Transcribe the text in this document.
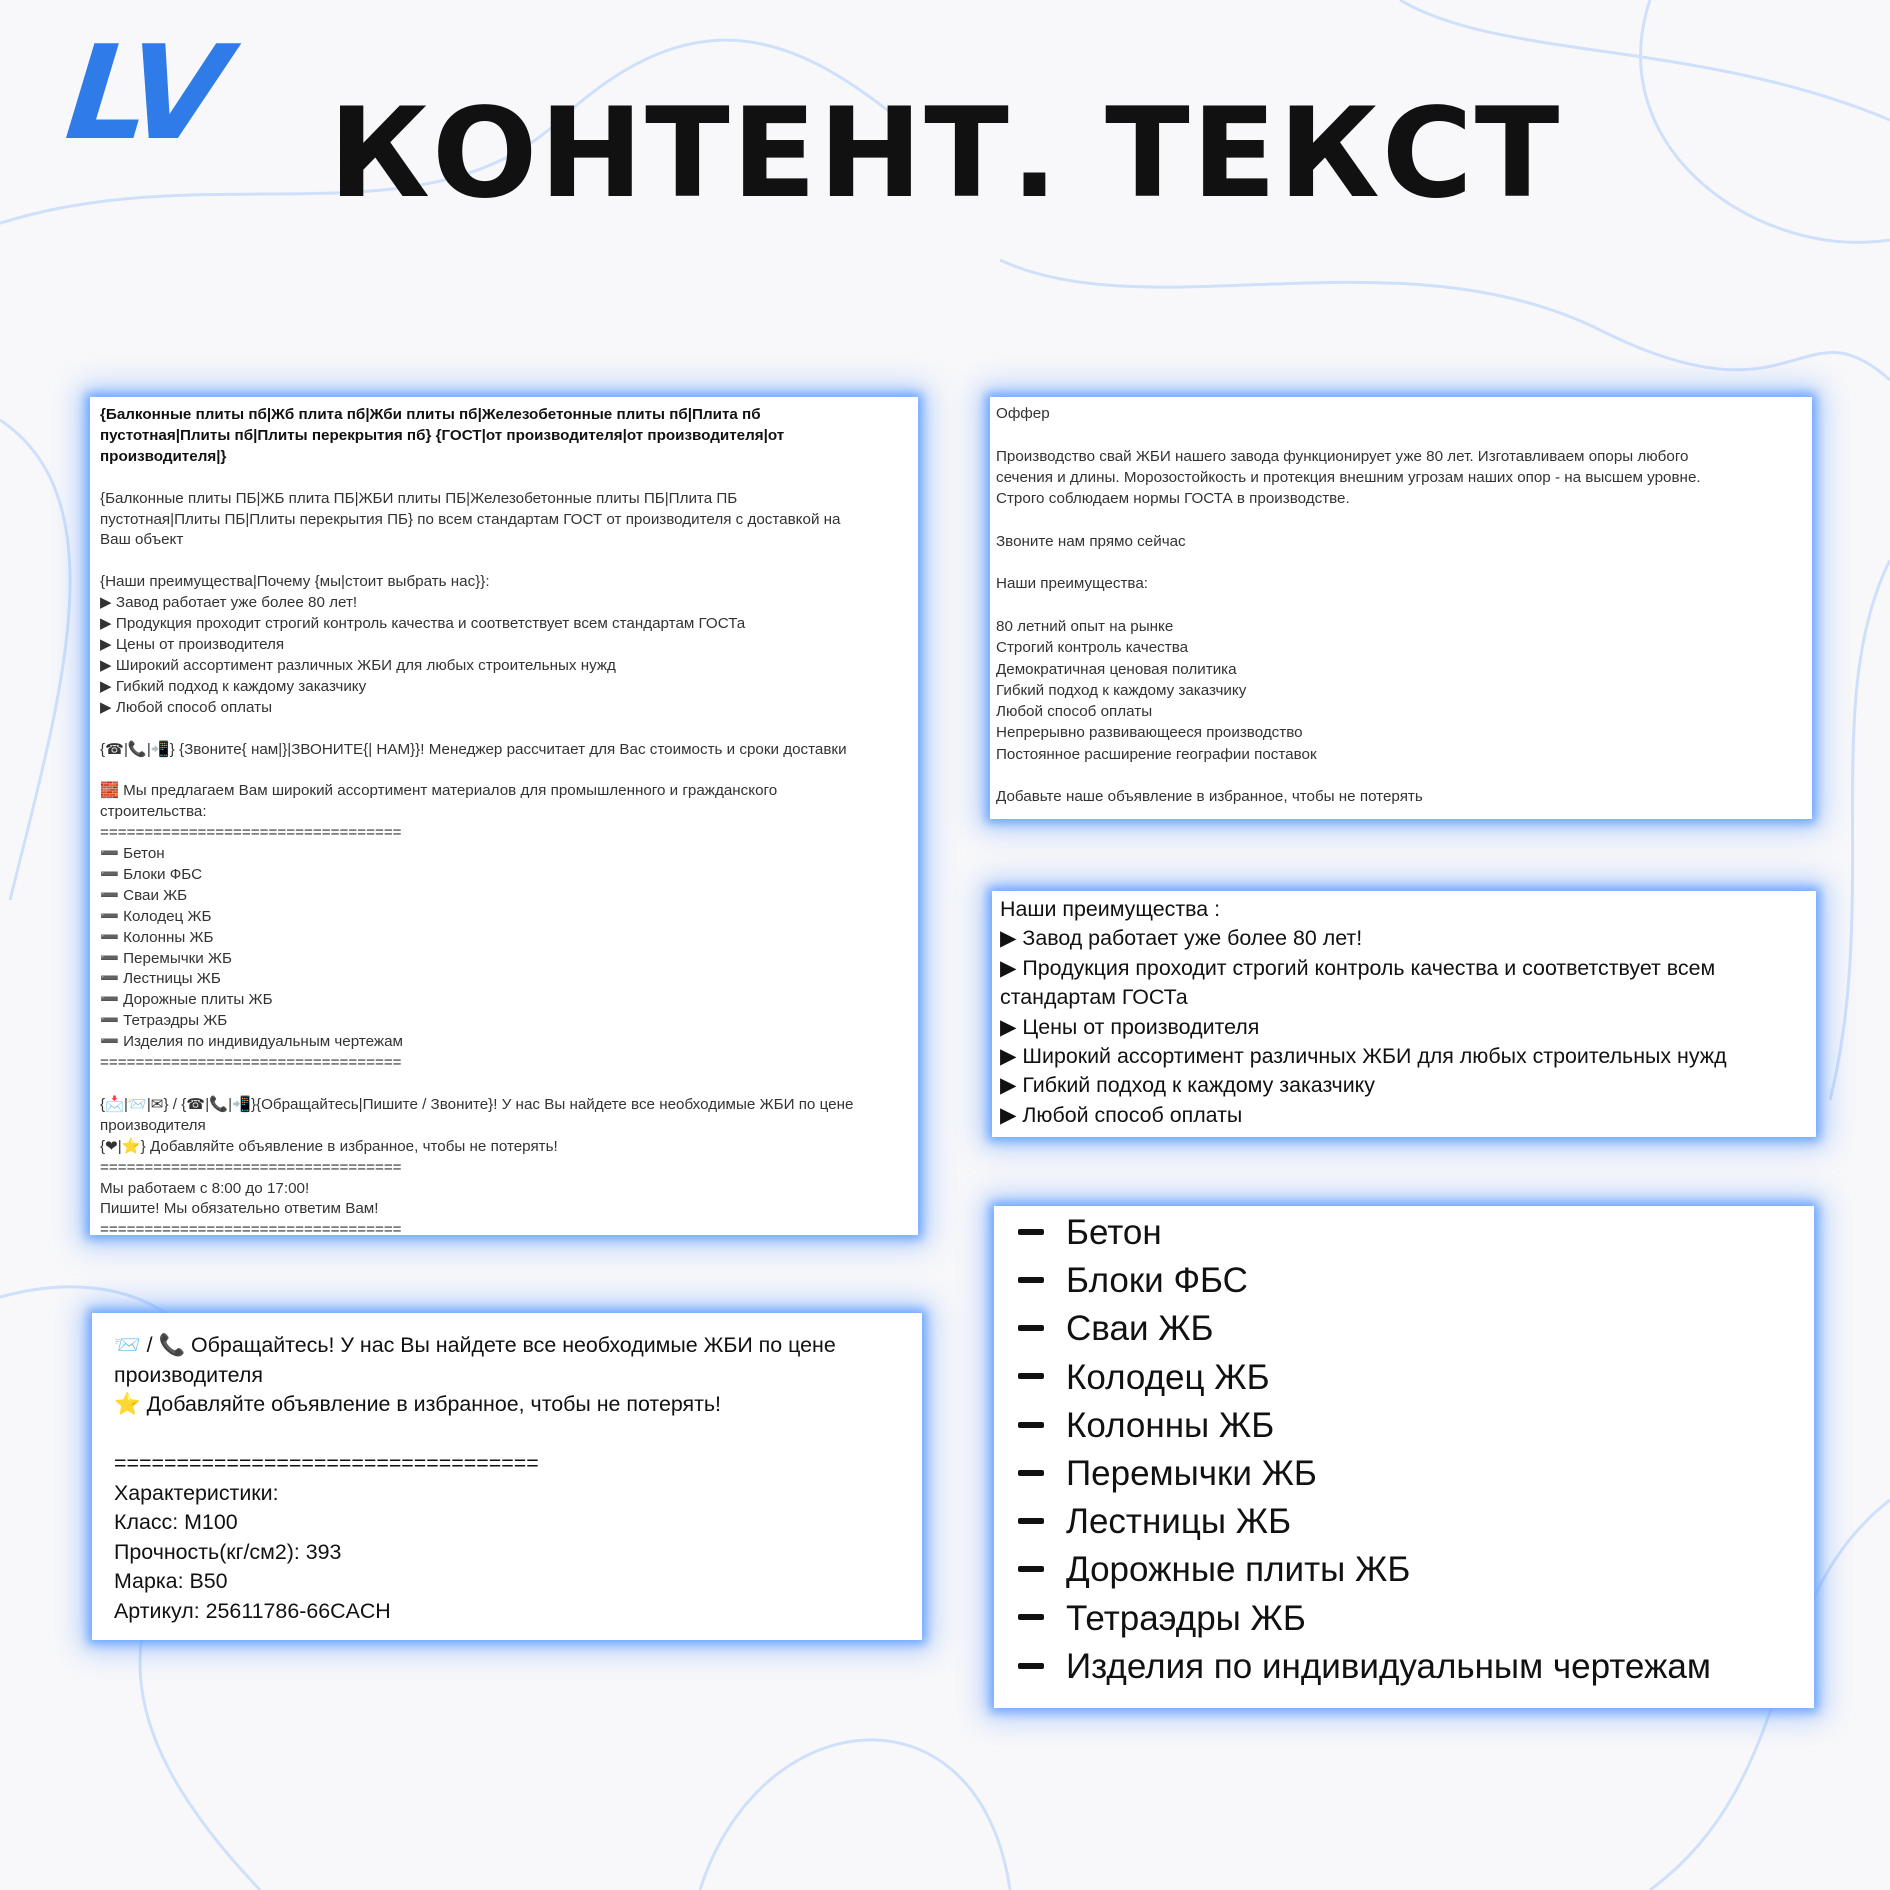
LV КОНТЕНТ. ТЕКСТ
{Балконные плиты пб|Жб плита пб|Жби плиты пб|Железобетонные плиты пб|Плита пб
пустотная|Плиты пб|Плиты перекрытия пб} {ГОСТ|от производителя|от производителя|от
производителя|}

{Балконные плиты ПБ|ЖБ плита ПБ|ЖБИ плиты ПБ|Железобетонные плиты ПБ|Плита ПБ
пустотная|Плиты ПБ|Плиты перекрытия ПБ} по всем стандартам ГОСТ от производителя с доставкой на
Ваш объект

{Наши преимущества|Почему {мы|стоит выбрать нас}}:
▶ Завод работает уже более 80 лет!
▶ Продукция проходит строгий контроль качества и соответствует всем стандартам ГОСТа
▶ Цены от производителя
▶ Широкий ассортимент различных ЖБИ для любых строительных нужд
▶ Гибкий подход к каждому заказчику
▶ Любой способ оплаты

{☎|📞|📲} {Звоните{ нам|}|ЗВОНИТЕ{| НАМ}}! Менеджер рассчитает для Вас стоимость и сроки доставки

🧱 Мы предлагаем Вам широкий ассортимент материалов для промышленного и гражданского
строительства:
==================================
➖ Бетон
➖ Блоки ФБС
➖ Сваи ЖБ
➖ Колодец ЖБ
➖ Колонны ЖБ
➖ Перемычки ЖБ
➖ Лестницы ЖБ
➖ Дорожные плиты ЖБ
➖ Тетраэдры ЖБ
➖ Изделия по индивидуальным чертежам
==================================

{📩|📨|✉} / {☎|📞|📲}{Обращайтесь|Пишите / Звоните}! У нас Вы найдете все необходимые ЖБИ по цене
производителя
{❤|⭐} Добавляйте объявление в избранное, чтобы не потерять!
==================================
Мы работаем с 8:00 до 17:00!
Пишите! Мы обязательно ответим Вам!
==================================
Оффер

Производство свай ЖБИ нашего завода функционирует уже 80 лет. Изготавливаем опоры любого
сечения и длины. Морозостойкость и протекция внешним угрозам наших опор - на высшем уровне.
Строго соблюдаем нормы ГОСТА в производстве.

Звоните нам прямо сейчас

Наши преимущества:

80 летний опыт на рынке
Строгий контроль качества
Демократичная ценовая политика
Гибкий подход к каждому заказчику
Любой способ оплаты
Непрерывно развивающееся производство
Постоянное расширение географии поставок

Добавьте наше объявление в избранное, чтобы не потерять
Наши преимущества :
▶ Завод работает уже более 80 лет!
▶ Продукция проходит строгий контроль качества и соответствует всем
стандартам ГОСТа
▶ Цены от производителя
▶ Широкий ассортимент различных ЖБИ для любых строительных нужд
▶ Гибкий подход к каждому заказчику
▶ Любой способ оплаты
Бетон
Блоки ФБС
Сваи ЖБ
Колодец ЖБ
Колонны ЖБ
Перемычки ЖБ
Лестницы ЖБ
Дорожные плиты ЖБ
Тетраэдры ЖБ
Изделия по индивидуальным чертежам
📨 / 📞 Обращайтесь! У нас Вы найдете все необходимые ЖБИ по цене
производителя
⭐ Добавляйте объявление в избранное, чтобы не потерять!

==================================
Характеристики:
Класс: М100
Прочность(кг/см2): 393
Марка: В50
Артикул: 25611786-66CACH
